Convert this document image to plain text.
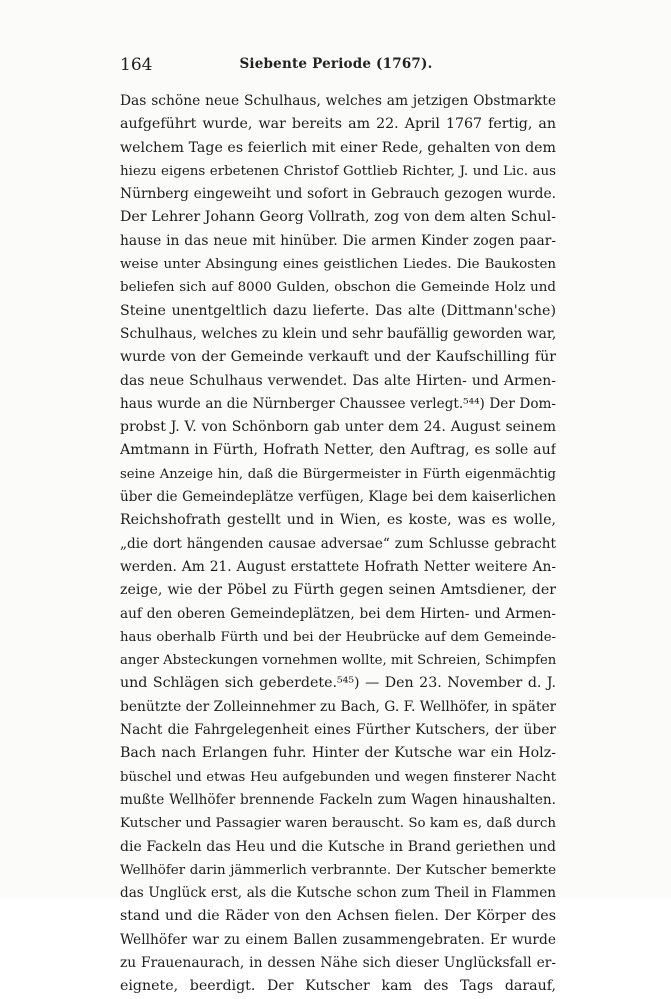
164	Siebente Periode (1767).
Das schöne neue Schulhaus, welches am jetzigen Obstmarkte
aufgeführt wurde, war bereits am 22. April 1767 fertig, an
welchem Tage es feierlich mit einer Rede, gehalten von dem
hiezu eigens erbetenen Christof Gottlieb Richter, J. und Lic. aus
Nürnberg eingeweiht und sofort in Gebrauch gezogen wurde.
Der Lehrer Johann Georg Vollrath, zog von dem alten Schul-
hause in das neue mit hinüber. Die armen Kinder zogen paar-
weise unter Absingung eines geistlichen Liedes. Die Baukosten
beliefen sich auf 8000 Gulden, obschon die Gemeinde Holz und
Steine unentgeltlich dazu lieferte. Das alte (Dittmann'sche)
Schulhaus, welches zu klein und sehr baufällig geworden war,
wurde von der Gemeinde verkauft und der Kaufschilling für
das neue Schulhaus verwendet. Das alte Hirten- und Armen-
haus wurde an die Nürnberger Chaussee verlegt.⁵⁴⁴) Der Dom-
probst J. V. von Schönborn gab unter dem 24. August seinem
Amtmann in Fürth, Hofrath Netter, den Auftrag, es solle auf
seine Anzeige hin, daß die Bürgermeister in Fürth eigenmächtig
über die Gemeindeplätze verfügen, Klage bei dem kaiserlichen
Reichshofrath gestellt und in Wien, es koste, was es wolle,
„die dort hängenden causae adversae“ zum Schlusse gebracht
werden. Am 21. August erstattete Hofrath Netter weitere An-
zeige, wie der Pöbel zu Fürth gegen seinen Amtsdiener, der
auf den oberen Gemeindeplätzen, bei dem Hirten- und Armen-
haus oberhalb Fürth und bei der Heubrücke auf dem Gemeinde-
anger Absteckungen vornehmen wollte, mit Schreien, Schimpfen
und Schlägen sich geberdete.⁵⁴⁵) — Den 23. November d. J.
benützte der Zolleinnehmer zu Bach, G. F. Wellhöfer, in später
Nacht die Fahrgelegenheit eines Fürther Kutschers, der über
Bach nach Erlangen fuhr. Hinter der Kutsche war ein Holz-
büschel und etwas Heu aufgebunden und wegen finsterer Nacht
mußte Wellhöfer brennende Fackeln zum Wagen hinaushalten.
Kutscher und Passagier waren berauscht. So kam es, daß durch
die Fackeln das Heu und die Kutsche in Brand geriethen und
Wellhöfer darin jämmerlich verbrannte. Der Kutscher bemerkte
das Unglück erst, als die Kutsche schon zum Theil in Flammen
stand und die Räder von den Achsen fielen. Der Körper des
Wellhöfer war zu einem Ballen zusammengebraten. Er wurde
zu Frauenaurach, in dessen Nähe sich dieser Unglücksfall er-
eignete, beerdigt. Der Kutscher kam des Tags darauf,
